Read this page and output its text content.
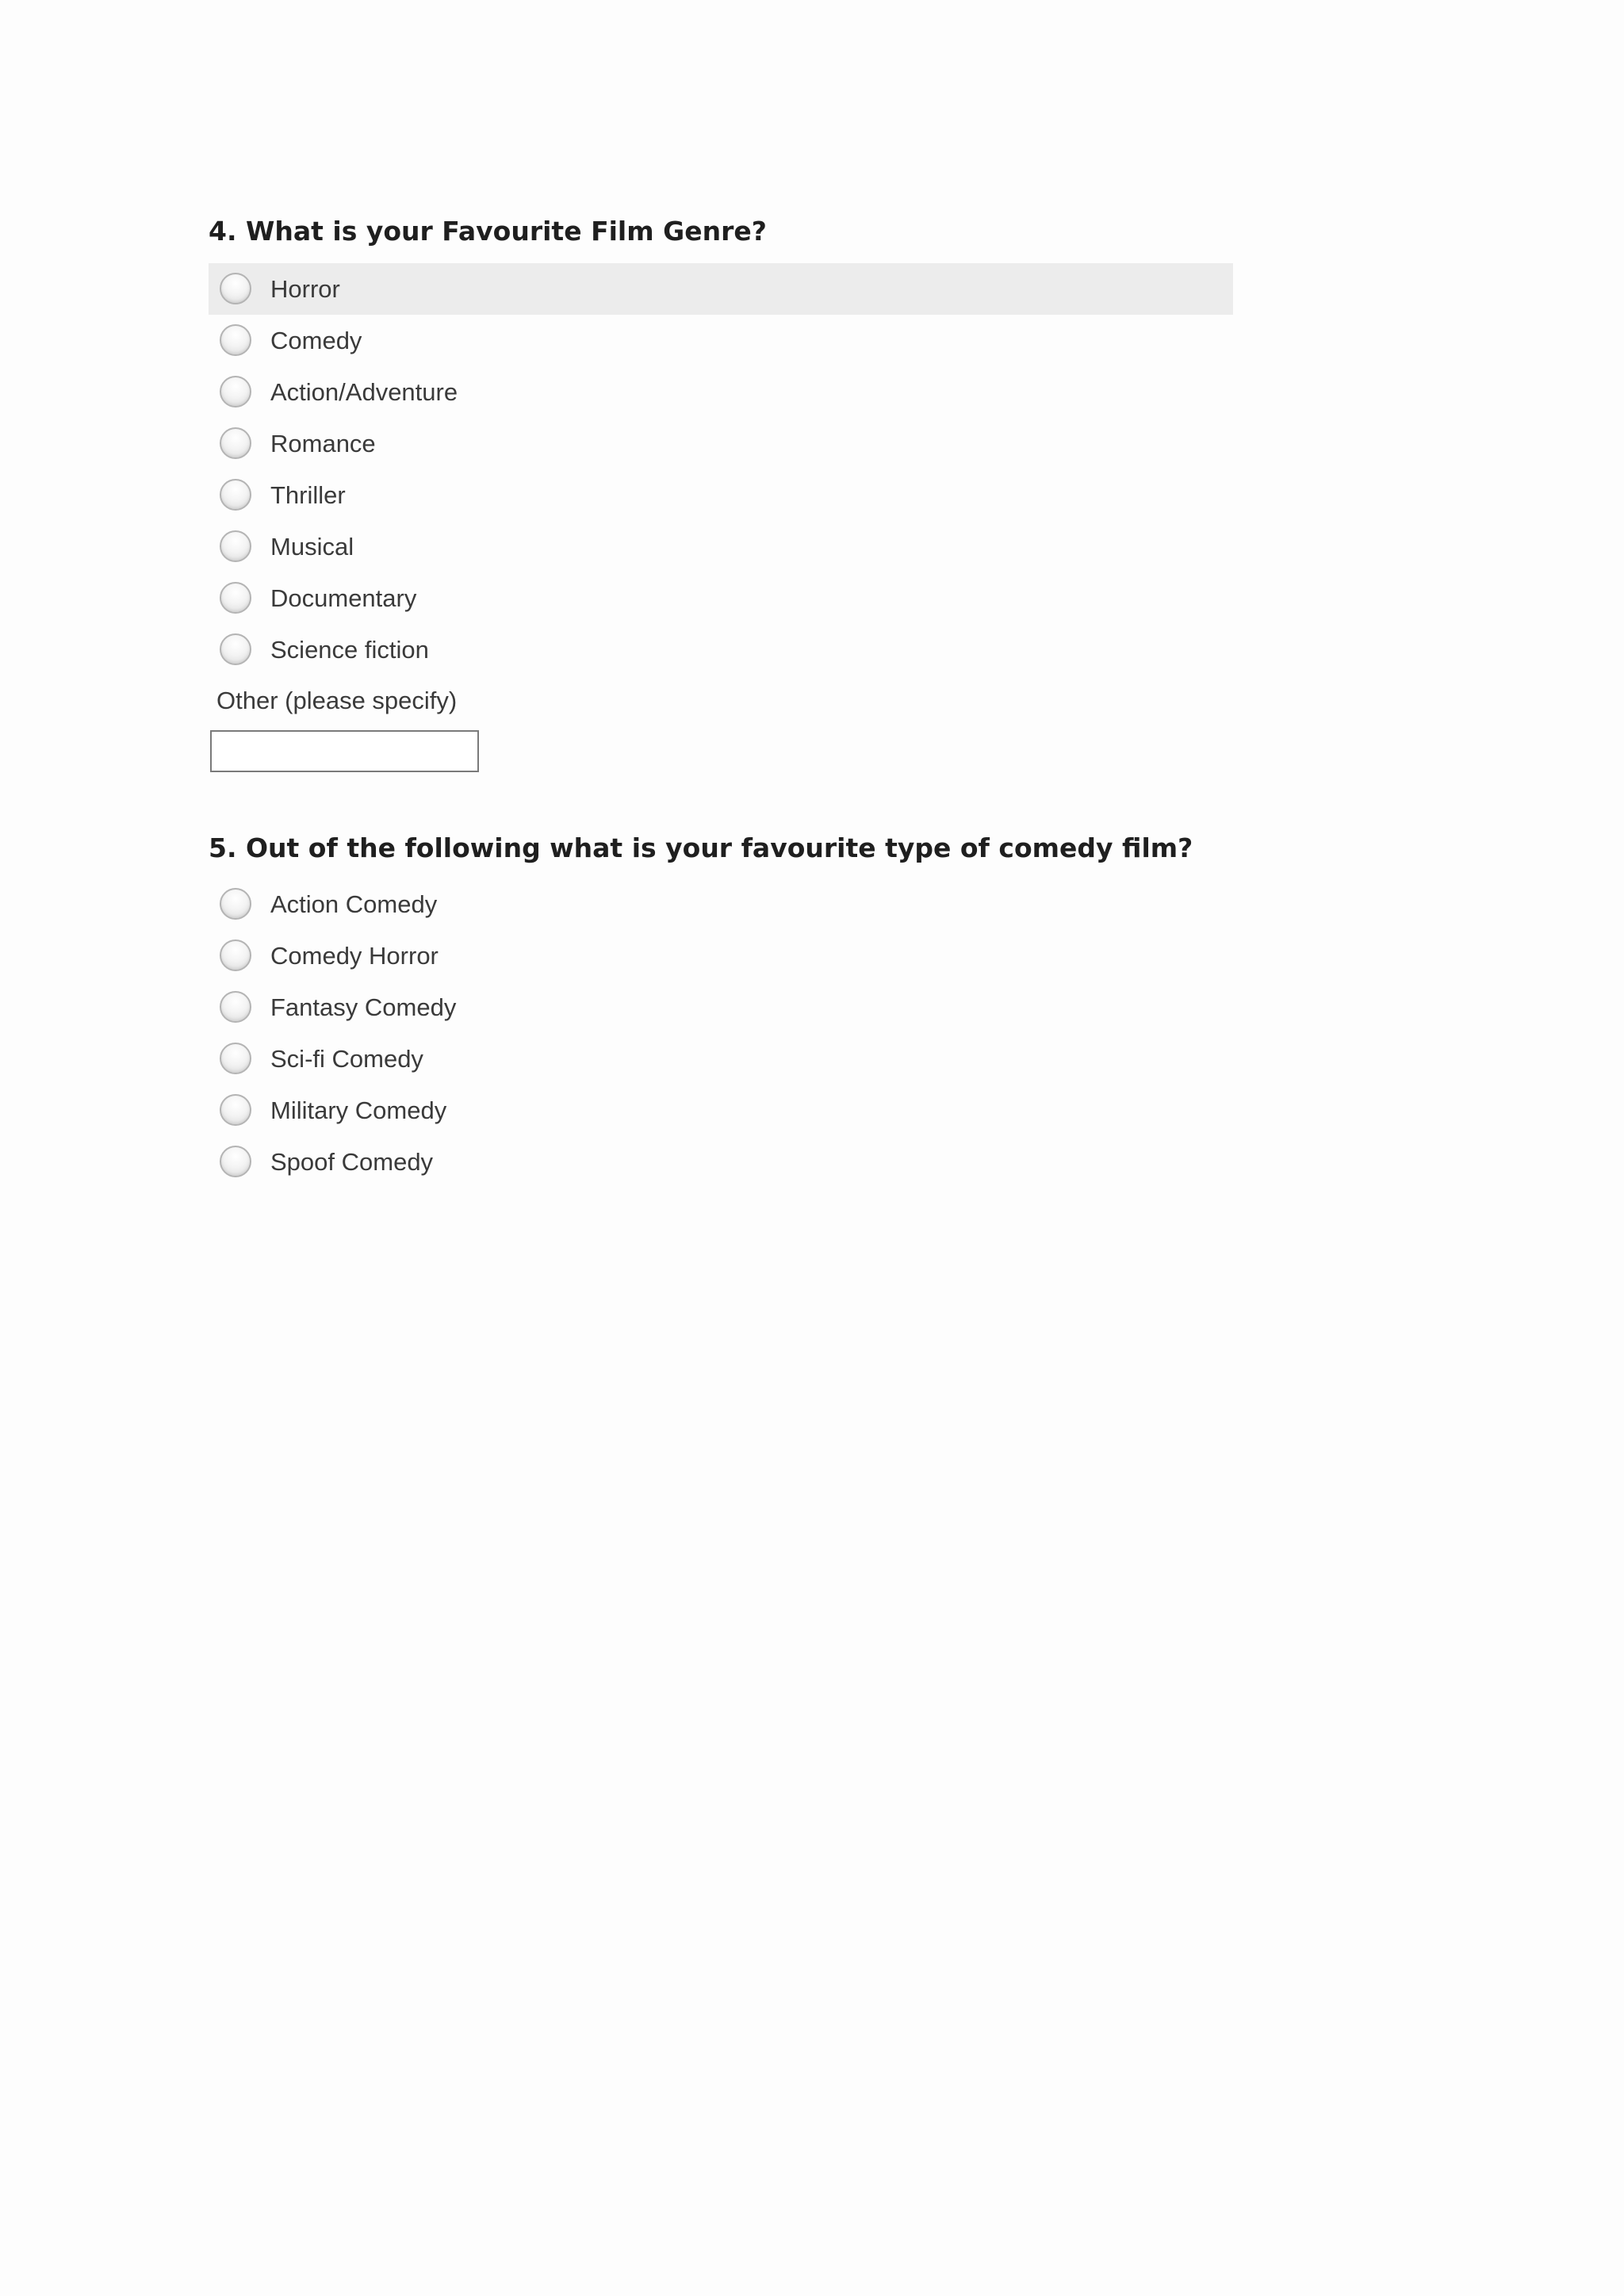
4. What is your Favourite Film Genre?
Horror
Comedy
Action/Adventure
Romance
Thriller
Musical
Documentary
Science fiction
Other (please specify)
5. Out of the following what is your favourite type of comedy film?
Action Comedy
Comedy Horror
Fantasy Comedy
Sci-fi Comedy
Military Comedy
Spoof Comedy
